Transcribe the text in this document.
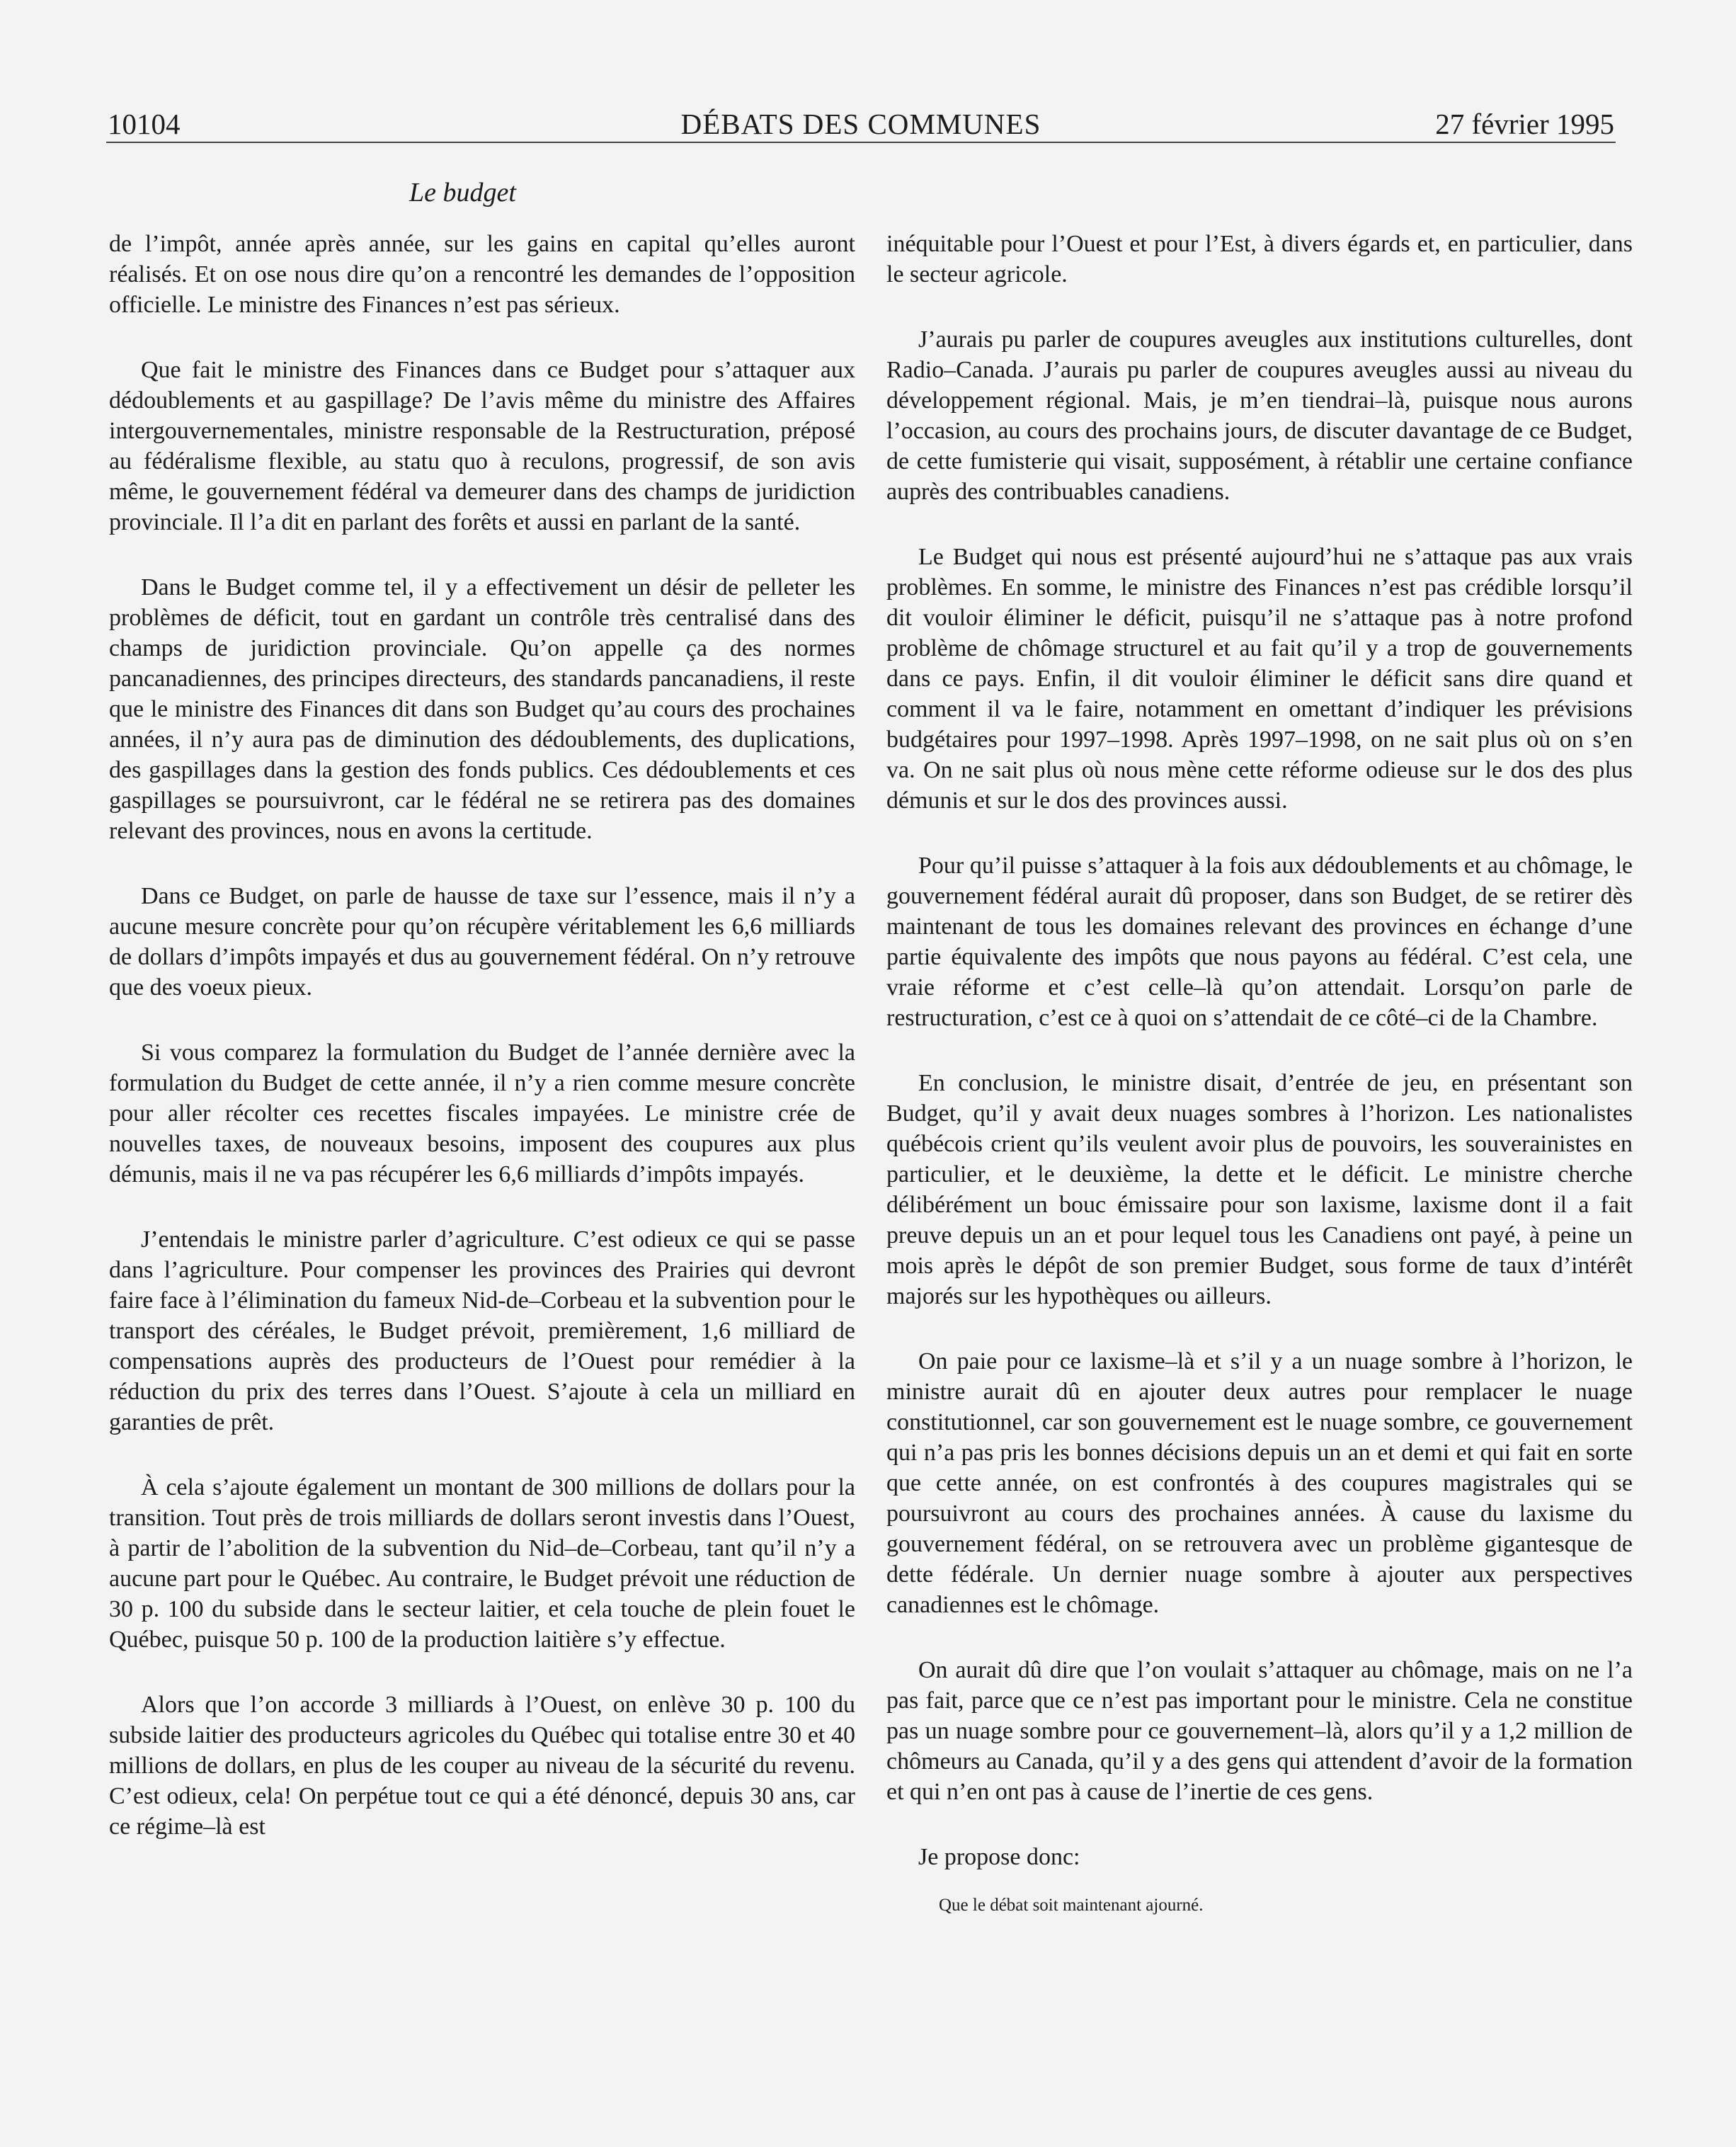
10104	DÉBATS DES COMMUNES	27 février 1995
Le budget

de l’impôt, année après année, sur les gains en capital qu’elles auront réalisés. Et on ose nous dire qu’on a rencontré les demandes de l’opposition officielle. Le ministre des Finances n’est pas sérieux.

Que fait le ministre des Finances dans ce Budget pour s’attaquer aux dédoublements et au gaspillage? De l’avis même du ministre des Affaires intergouvernementales, ministre responsable de la Restructuration, préposé au fédéralisme flexible, au statu quo à reculons, progressif, de son avis même, le gouvernement fédéral va demeurer dans des champs de juridiction provinciale. Il l’a dit en parlant des forêts et aussi en parlant de la santé.

Dans le Budget comme tel, il y a effectivement un désir de pelleter les problèmes de déficit, tout en gardant un contrôle très centralisé dans des champs de juridiction provinciale. Qu’on appelle ça des normes pancanadiennes, des principes directeurs, des standards pancanadiens, il reste que le ministre des Finances dit dans son Budget qu’au cours des prochaines années, il n’y aura pas de diminution des dédoublements, des duplications, des gaspillages dans la gestion des fonds publics. Ces dédoublements et ces gaspillages se poursuivront, car le fédéral ne se retirera pas des domaines relevant des provinces, nous en avons la certitude.

Dans ce Budget, on parle de hausse de taxe sur l’essence, mais il n’y a aucune mesure concrète pour qu’on récupère véritablement les 6,6 milliards de dollars d’impôts impayés et dus au gouvernement fédéral. On n’y retrouve que des voeux pieux.

Si vous comparez la formulation du Budget de l’année dernière avec la formulation du Budget de cette année, il n’y a rien comme mesure concrète pour aller récolter ces recettes fiscales impayées. Le ministre crée de nouvelles taxes, de nouveaux besoins, imposent des coupures aux plus démunis, mais il ne va pas récupérer les 6,6 milliards d’impôts impayés.

J’entendais le ministre parler d’agriculture. C’est odieux ce qui se passe dans l’agriculture. Pour compenser les provinces des Prairies qui devront faire face à l’élimination du fameux Nid-de–Corbeau et la subvention pour le transport des céréales, le Budget prévoit, premièrement, 1,6 milliard de compensations auprès des producteurs de l’Ouest pour remédier à la réduction du prix des terres dans l’Ouest. S’ajoute à cela un milliard en garanties de prêt.

À cela s’ajoute également un montant de 300 millions de dollars pour la transition. Tout près de trois milliards de dollars seront investis dans l’Ouest, à partir de l’abolition de la subvention du Nid–de–Corbeau, tant qu’il n’y a aucune part pour le Québec. Au contraire, le Budget prévoit une réduction de 30 p. 100 du subside dans le secteur laitier, et cela touche de plein fouet le Québec, puisque 50 p. 100 de la production laitière s’y effectue.

Alors que l’on accorde 3 milliards à l’Ouest, on enlève 30 p. 100 du subside laitier des producteurs agricoles du Québec qui totalise entre 30 et 40 millions de dollars, en plus de les couper au niveau de la sécurité du revenu. C’est odieux, cela! On perpétue tout ce qui a été dénoncé, depuis 30 ans, car ce régime–là est

inéquitable pour l’Ouest et pour l’Est, à divers égards et, en particulier, dans le secteur agricole.

J’aurais pu parler de coupures aveugles aux institutions culturelles, dont Radio–Canada. J’aurais pu parler de coupures aveugles aussi au niveau du développement régional. Mais, je m’en tiendrai–là, puisque nous aurons l’occasion, au cours des prochains jours, de discuter davantage de ce Budget, de cette fumisterie qui visait, supposément, à rétablir une certaine confiance auprès des contribuables canadiens.

Le Budget qui nous est présenté aujourd’hui ne s’attaque pas aux vrais problèmes. En somme, le ministre des Finances n’est pas crédible lorsqu’il dit vouloir éliminer le déficit, puisqu’il ne s’attaque pas à notre profond problème de chômage structurel et au fait qu’il y a trop de gouvernements dans ce pays. Enfin, il dit vouloir éliminer le déficit sans dire quand et comment il va le faire, notamment en omettant d’indiquer les prévisions budgétaires pour 1997–1998. Après 1997–1998, on ne sait plus où on s’en va. On ne sait plus où nous mène cette réforme odieuse sur le dos des plus démunis et sur le dos des provinces aussi.

Pour qu’il puisse s’attaquer à la fois aux dédoublements et au chômage, le gouvernement fédéral aurait dû proposer, dans son Budget, de se retirer dès maintenant de tous les domaines relevant des provinces en échange d’une partie équivalente des impôts que nous payons au fédéral. C’est cela, une vraie réforme et c’est celle–là qu’on attendait. Lorsqu’on parle de restructuration, c’est ce à quoi on s’attendait de ce côté–ci de la Chambre.

En conclusion, le ministre disait, d’entrée de jeu, en présentant son Budget, qu’il y avait deux nuages sombres à l’horizon. Les nationalistes québécois crient qu’ils veulent avoir plus de pouvoirs, les souverainistes en particulier, et le deuxième, la dette et le déficit. Le ministre cherche délibérément un bouc émissaire pour son laxisme, laxisme dont il a fait preuve depuis un an et pour lequel tous les Canadiens ont payé, à peine un mois après le dépôt de son premier Budget, sous forme de taux d’intérêt majorés sur les hypothèques ou ailleurs.

On paie pour ce laxisme–là et s’il y a un nuage sombre à l’horizon, le ministre aurait dû en ajouter deux autres pour remplacer le nuage constitutionnel, car son gouvernement est le nuage sombre, ce gouvernement qui n’a pas pris les bonnes décisions depuis un an et demi et qui fait en sorte que cette année, on est confrontés à des coupures magistrales qui se poursuivront au cours des prochaines années. À cause du laxisme du gouvernement fédéral, on se retrouvera avec un problème gigantesque de dette fédérale. Un dernier nuage sombre à ajouter aux perspectives canadiennes est le chômage.

On aurait dû dire que l’on voulait s’attaquer au chômage, mais on ne l’a pas fait, parce que ce n’est pas important pour le ministre. Cela ne constitue pas un nuage sombre pour ce gouvernement–là, alors qu’il y a 1,2 million de chômeurs au Canada, qu’il y a des gens qui attendent d’avoir de la formation et qui n’en ont pas à cause de l’inertie de ces gens.

Je propose donc:

Que le débat soit maintenant ajourné.
